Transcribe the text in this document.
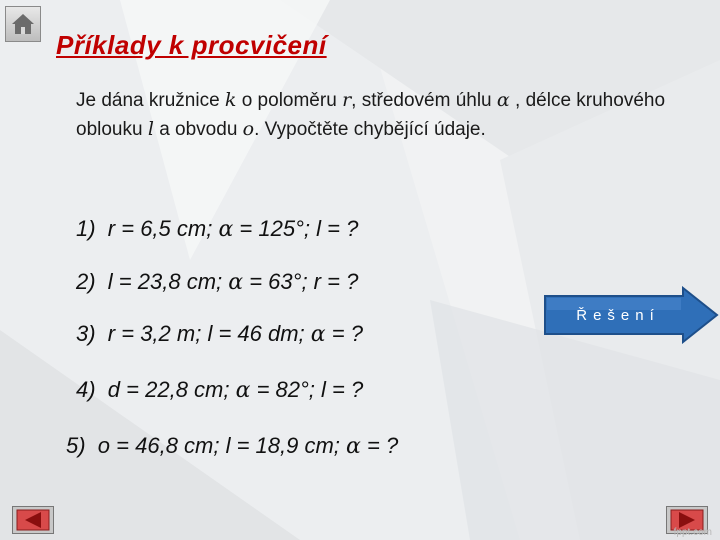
Příklady k procvičení
Je dána kružnice k o poloměru r, středovém úhlu α , délce kruhového oblouku l a obvodu o. Vypočtěte chybějící údaje.
1) r = 6,5 cm; α = 125°; l = ?
2) l = 23,8 cm; α = 63°; r = ?
3) r = 3,2 m; l = 46 dm; α = ?
4) d = 22,8 cm; α = 82°; l = ?
5) o = 46,8 cm; l = 18,9 cm; α = ?
Řešení
fppt.com
